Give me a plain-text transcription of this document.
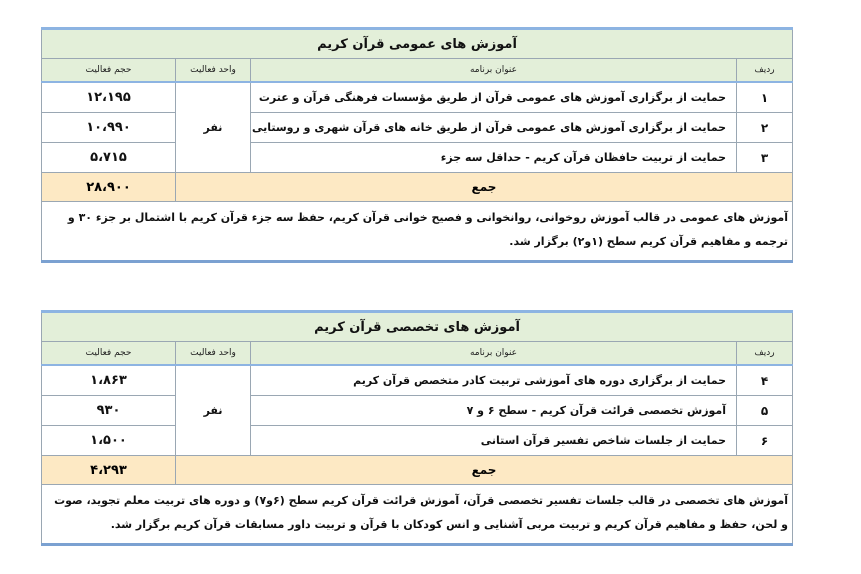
آموزش های عمومی قرآن کریم			
ردیف	عنوان برنامه	واحد فعالیت	حجم فعالیت
۱	حمایت از برگزاری آموزش های عمومی قرآن از طریق مؤسسات فرهنگی قرآن و عترت	نفر	۱۲،۱۹۵
۲	حمایت از برگزاری آموزش های عمومی قرآن از طریق خانه های قرآن شهری و روستایی		۱۰،۹۹۰
۳	حمایت از تربیت حافظان قرآن کریم - حداقل سه جزء		۵،۷۱۵
جمع			۲۸،۹۰۰
آموزش های عمومی در قالب آموزش روخوانی، روانخوانی و فصیح خوانی قرآن کریم، حفظ سه جزء قرآن کریم با اشتمال بر جزء ۳۰ و ترجمه و مفاهیم قرآن کریم سطح (۱و۲) برگزار شد.			
آموزش های تخصصی قرآن کریم			
ردیف	عنوان برنامه	واحد فعالیت	حجم فعالیت
۴	حمایت از برگزاری دوره های آموزشی تربیت کادر متخصص قرآن کریم	نفر	۱،۸۶۳
۵	آموزش تخصصی قرائت قرآن کریم - سطح ۶ و ۷		۹۳۰
۶	حمایت از جلسات شاخص تفسیر قرآن استانی		۱،۵۰۰
جمع			۴،۲۹۳
آموزش های تخصصی در قالب جلسات تفسیر تخصصی قرآن، آموزش قرائت قرآن کریم سطح (۶و۷) و دوره های تربیت معلم تجوید، صوت و لحن، حفظ و مفاهیم قرآن کریم و تربیت مربی آشنایی و انس کودکان با قرآن و تربیت داور مسابقات قرآن کریم برگزار شد.			
